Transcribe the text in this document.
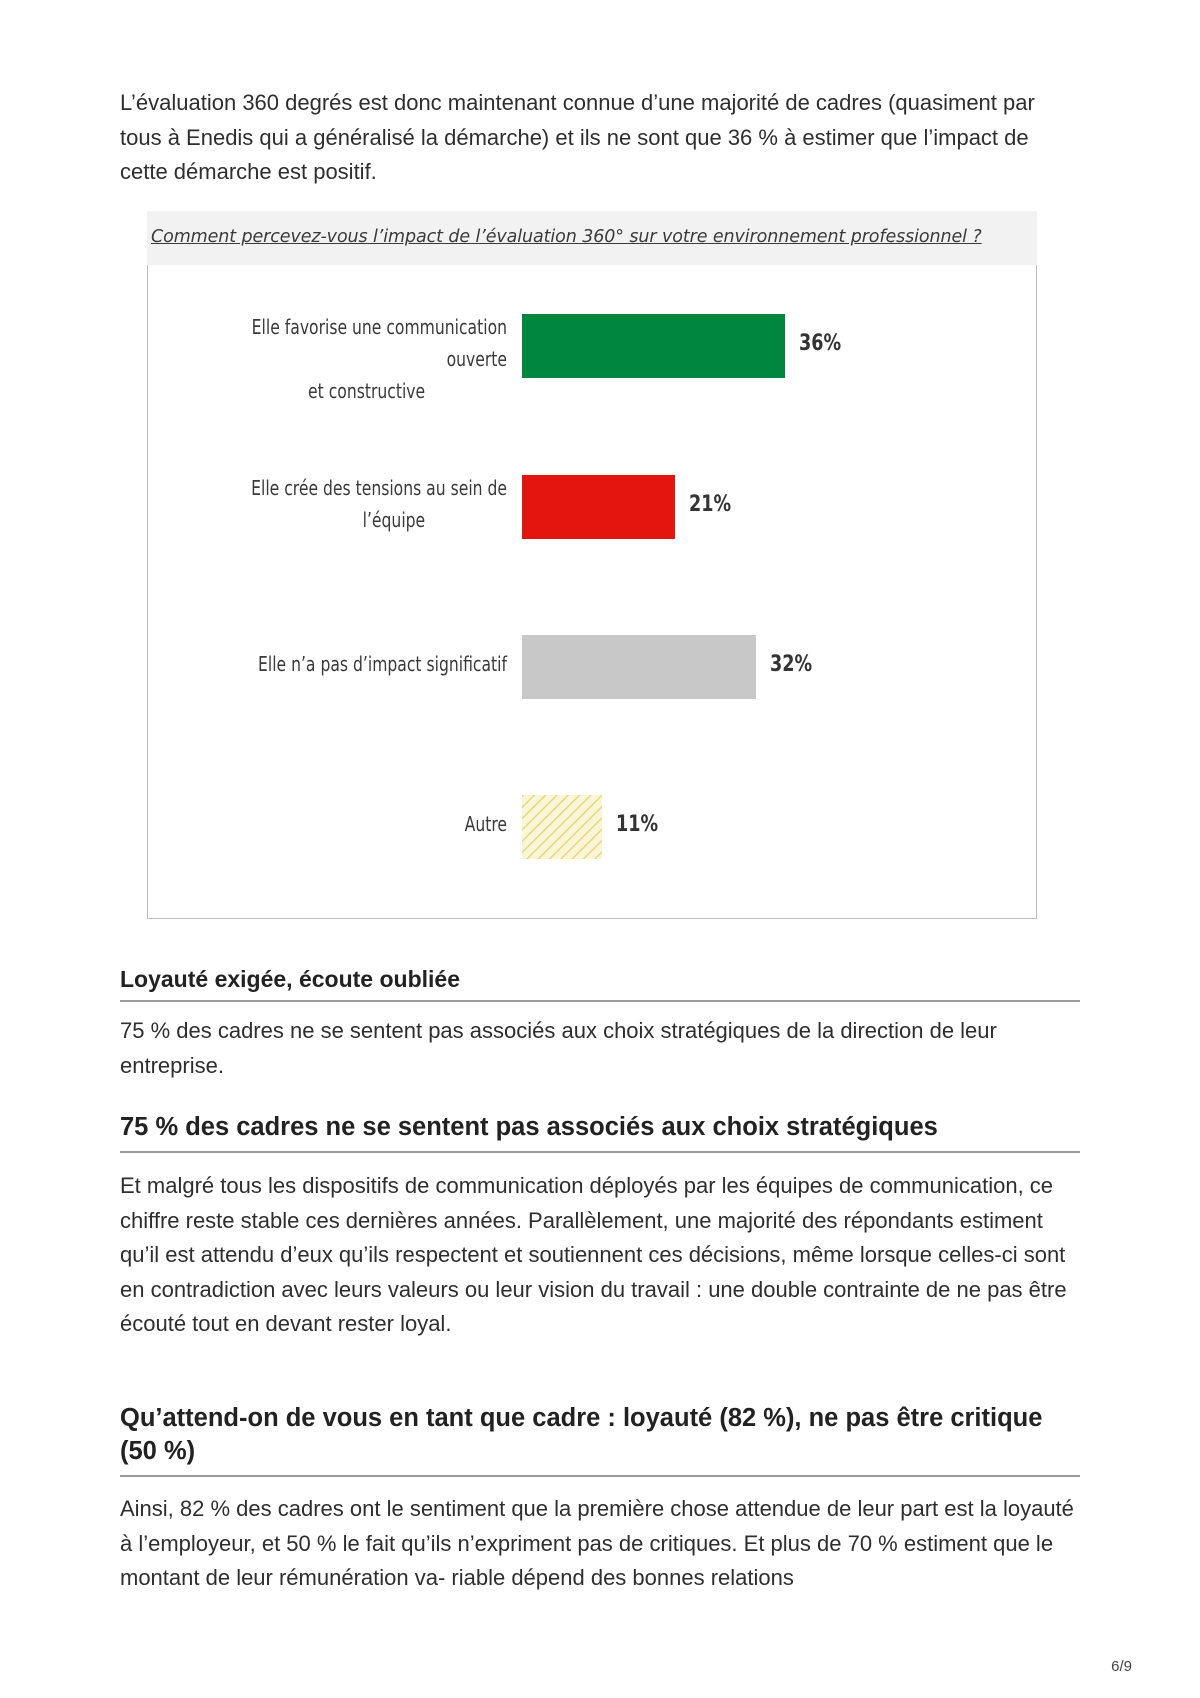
L’évaluation 360 degrés est donc maintenant connue d’une majorité de cadres (quasiment par tous à Enedis qui a généralisé la démarche) et ils ne sont que 36 % à estimer que l’impact de cette démarche est positif.

Comment percevez-vous l’impact de l’évaluation 360° sur votre environnement professionnel ?
Elle favorise une communication ouverte
et constructive
Elle crée des tensions au sein de
l’équipe
Elle n’a pas d’impact significatif
Autre
36%
21%
32%
11%
Loyauté exigée, écoute oubliée

75 % des cadres ne se sentent pas associés aux choix stratégiques de la direction de leur entreprise.

75 % des cadres ne se sentent pas associés aux choix stratégiques

Et malgré tous les dispositifs de communication déployés par les équipes de communication, ce chiffre reste stable ces dernières années. Parallèlement, une majorité des répondants estiment qu’il est attendu d’eux qu’ils respectent et soutiennent ces décisions, même lorsque celles-ci sont en contradiction avec leurs valeurs ou leur vision du travail : une double contrainte de ne pas être écouté tout en devant rester loyal.

Qu’attend-on de vous en tant que cadre : loyauté (82 %), ne pas être critique (50 %)

Ainsi, 82 % des cadres ont le sentiment que la première chose attendue de leur part est la loyauté à l’employeur, et 50 % le fait qu’ils n’expriment pas de critiques. Et plus de 70 % estiment que le montant de leur rémunération va- riable dépend des bonnes relations

6/9
